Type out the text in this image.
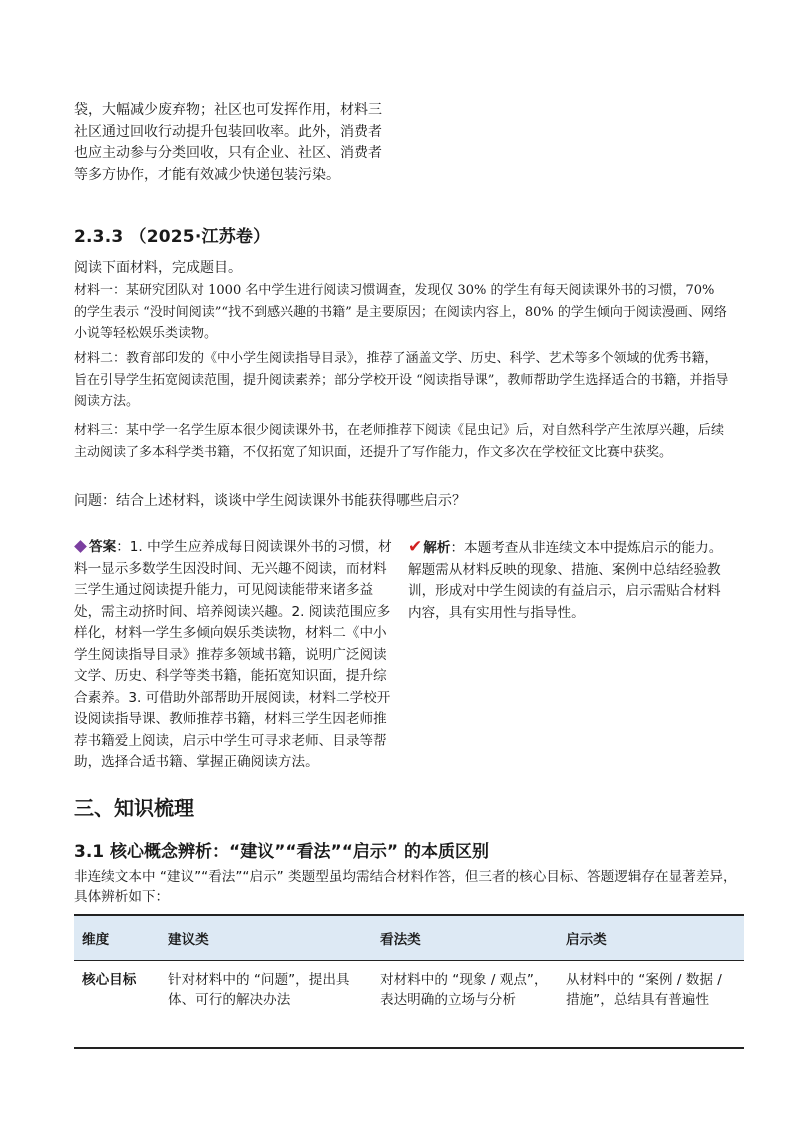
袋，大幅减少废弃物；社区也可发挥作用，材料三社区通过回收行动提升包装回收率。此外，消费者也应主动参与分类回收，只有企业、社区、消费者等多方协作，才能有效减少快递包装污染。
2.3.3 （2025·江苏卷）
阅读下面材料，完成题目。
材料一：某研究团队对 1000 名中学生进行阅读习惯调查，发现仅 30% 的学生有每天阅读课外书的习惯，70% 的学生表示 “没时间阅读”“找不到感兴趣的书籍” 是主要原因；在阅读内容上，80% 的学生倾向于阅读漫画、网络小说等轻松娱乐类读物。
材料二：教育部印发的《中小学生阅读指导目录》，推荐了涵盖文学、历史、科学、艺术等多个领域的优秀书籍，旨在引导学生拓宽阅读范围，提升阅读素养；部分学校开设 “阅读指导课”，教师帮助学生选择适合的书籍，并指导阅读方法。
材料三：某中学一名学生原本很少阅读课外书，在老师推荐下阅读《昆虫记》后，对自然科学产生浓厚兴趣，后续主动阅读了多本科学类书籍，不仅拓宽了知识面，还提升了写作能力，作文多次在学校征文比赛中获奖。
问题：结合上述材料，谈谈中学生阅读课外书能获得哪些启示？
答案：1. 中学生应养成每日阅读课外书的习惯，材料一显示多数学生因没时间、无兴趣不阅读，而材料三学生通过阅读提升能力，可见阅读能带来诸多益处，需主动挤时间、培养阅读兴趣。2. 阅读范围应多样化，材料一学生多倾向娱乐类读物，材料二《中小学生阅读指导目录》推荐多领域书籍，说明广泛阅读文学、历史、科学等类书籍，能拓宽知识面，提升综合素养。3. 可借助外部帮助开展阅读，材料二学校开设阅读指导课、教师推荐书籍，材料三学生因老师推荐书籍爱上阅读，启示中学生可寻求老师、目录等帮助，选择合适书籍、掌握正确阅读方法。
✔解析：本题考查从非连续文本中提炼启示的能力。解题需从材料反映的现象、措施、案例中总结经验教训，形成对中学生阅读的有益启示，启示需贴合材料内容，具有实用性与指导性。
三、知识梳理
3.1 核心概念辨析：“建议”“看法”“启示” 的本质区别
非连续文本中 “建议”“看法”“启示” 类题型虽均需结合材料作答，但三者的核心目标、答题逻辑存在显著差异，具体辨析如下：
维度	建议类	看法类	启示类
核心目标	针对材料中的 “问题”，提出具体、可行的解决办法	对材料中的 “现象 / 观点”，表达明确的立场与分析	从材料中的 “案例 / 数据 / 措施”，总结具有普遍性
